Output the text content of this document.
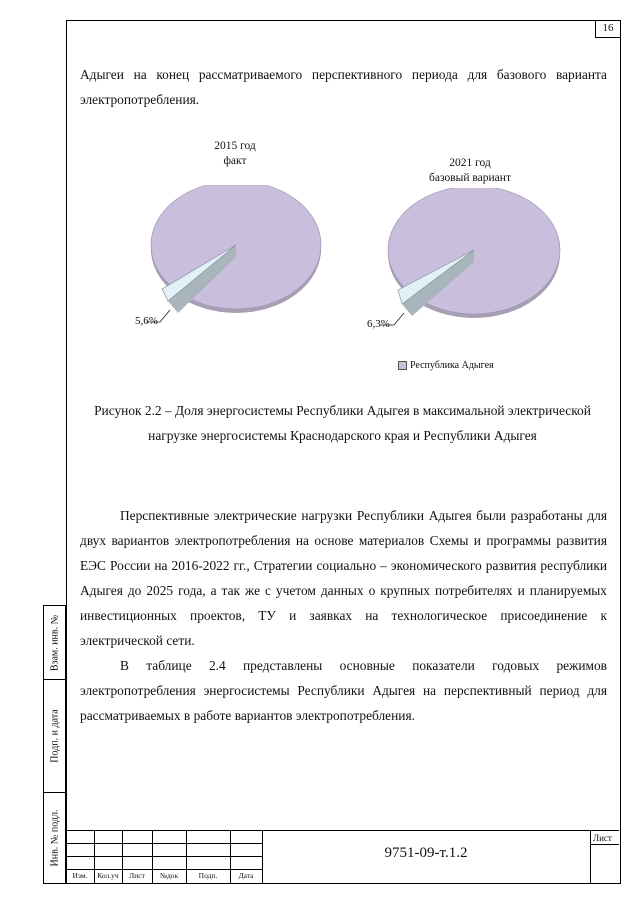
16

Адыгеи на конец рассматриваемого перспективного периода для базового варианта электропотребления.

2015 год
факт
5,6%
2021 год
базовый вариант
6,3%
Республика Адыгея

Рисунок 2.2 – Доля энергосистемы Республики Адыгея в максимальной электрической нагрузке энергосистемы Краснодарского края и Республики Адыгея

Перспективные электрические нагрузки Республики Адыгея были разработаны для двух вариантов электропотребления на основе материалов Схемы и программы развития ЕЭС России на 2016-2022 гг., Стратегии социально – экономического развития республики Адыгея до 2025 года, а так же с учетом данных о крупных потребителях и планируемых инвестиционных проектов, ТУ и заявках на технологическое присоединение к электрической сети.

В таблице 2.4 представлены основные показатели годовых режимов электропотребления энергосистемы Республики Адыгея на перспективный период для рассматриваемых в работе вариантов электропотребления.

Взам. инв. №
Подп. и дата
Инв. № подл.
Изм.	Кол.уч	Лист	№док	Подп.	Дата
9751-09-т.1.2
Лист
